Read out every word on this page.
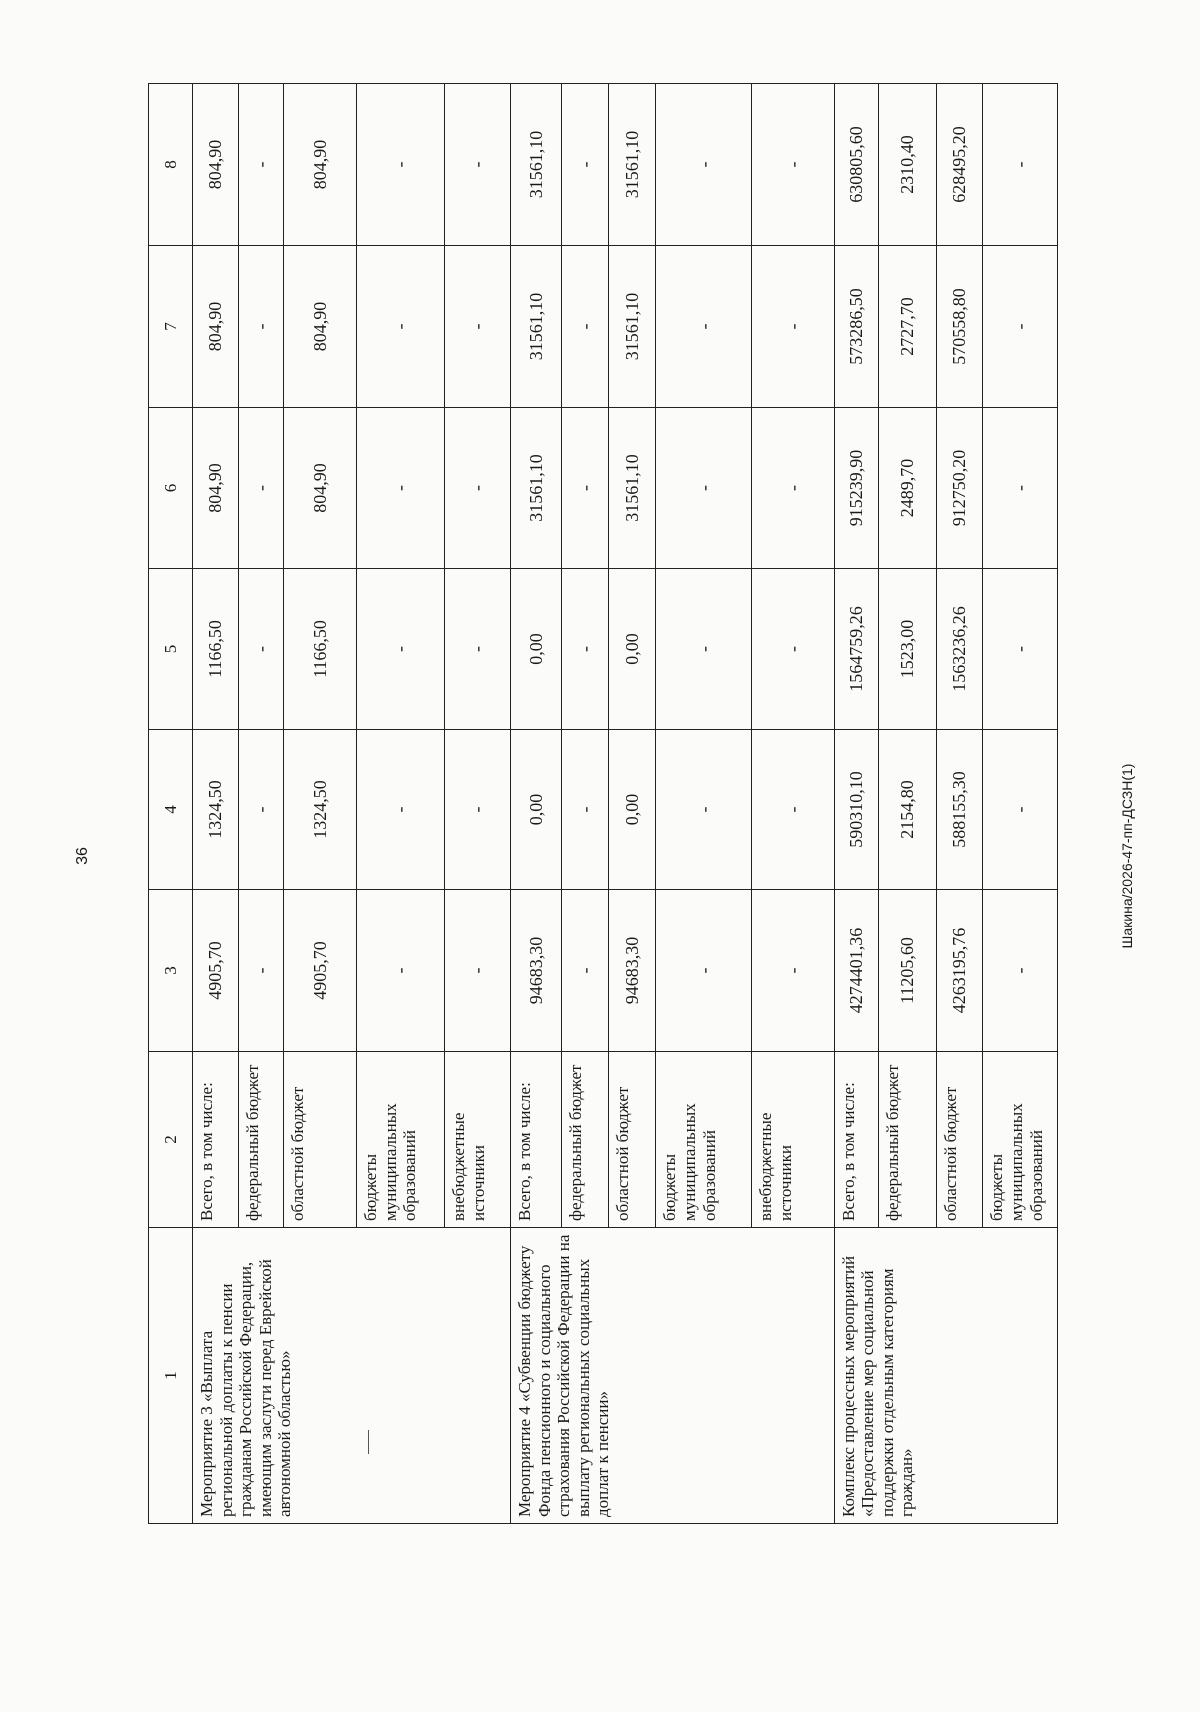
36	Шакина/2026-47-пп-ДСЗН(1)
1	2	3	4	5	6	7	8
Мероприятие 3 «Выплата региональной доплаты к пенсии гражданам Российской Федерации, имеющим заслуги перед Еврейской автономной областью»	Всего, в том числе:	4905,70	1324,50	1166,50	804,90	804,90	804,90
	федеральный бюджет	-	-	-	-	-	-
	областной бюджет	4905,70	1324,50	1166,50	804,90	804,90	804,90
	бюджеты муниципальных образований	-	-	-	-	-	-
	внебюджетные источники	-	-	-	-	-	-
Мероприятие 4 «Субвенции бюджету Фонда пенсионного и социального страхования Российской Федерации на выплату региональных социальных доплат к пенсии»	Всего, в том числе:	94683,30	0,00	0,00	31561,10	31561,10	31561,10
	федеральный бюджет	-	-	-	-	-	-
	областной бюджет	94683,30	0,00	0,00	31561,10	31561,10	31561,10
	бюджеты муниципальных образований	-	-	-	-	-	-
	внебюджетные источники	-	-	-	-	-	-
Комплекс процессных мероприятий «Предоставление мер социальной поддержки отдельным категориям граждан»	Всего, в том числе:	4274401,36	590310,10	1564759,26	915239,90	573286,50	630805,60
	федеральный бюджет	11205,60	2154,80	1523,00	2489,70	2727,70	2310,40
	областной бюджет	4263195,76	588155,30	1563236,26	912750,20	570558,80	628495,20
	бюджеты муниципальных образований	-	-	-	-	-	-
